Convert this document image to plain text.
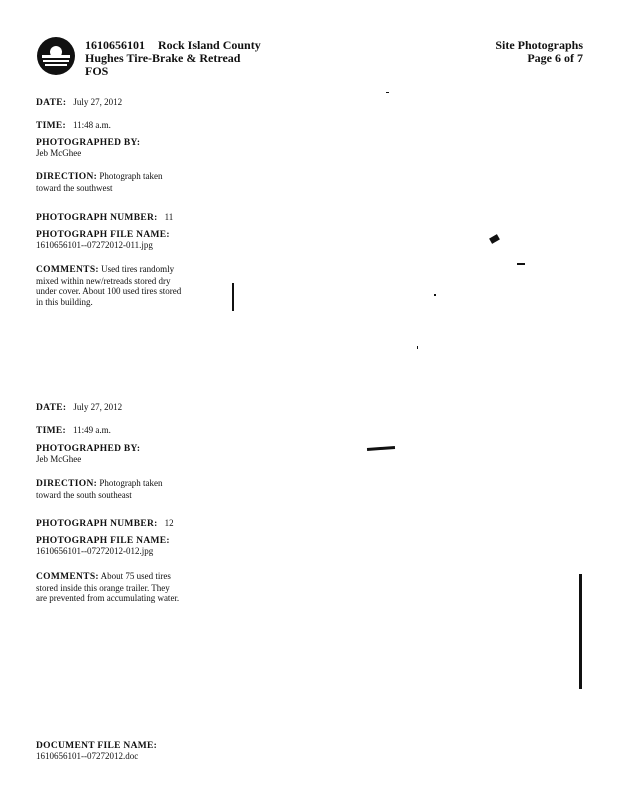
1610656101 Rock Island County
Hughes Tire-Brake & Retread
FOS
Site Photographs
Page 6 of 7
DATE: July 27, 2012
TIME: 11:48 a.m.
PHOTOGRAPHED BY:
Jeb McGhee
DIRECTION: Photograph taken toward the southwest
PHOTOGRAPH NUMBER: 11
PHOTOGRAPH FILE NAME:
1610656101--07272012-011.jpg
COMMENTS: Used tires randomly mixed within new/retreads stored dry under cover. About 100 used tires stored in this building.
DATE: July 27, 2012
TIME: 11:49 a.m.
PHOTOGRAPHED BY:
Jeb McGhee
DIRECTION: Photograph taken toward the south southeast
PHOTOGRAPH NUMBER: 12
PHOTOGRAPH FILE NAME:
1610656101--07272012-012.jpg
COMMENTS: About 75 used tires stored inside this orange trailer. They are prevented from accumulating water.
DOCUMENT FILE NAME:
1610656101--07272012.doc
